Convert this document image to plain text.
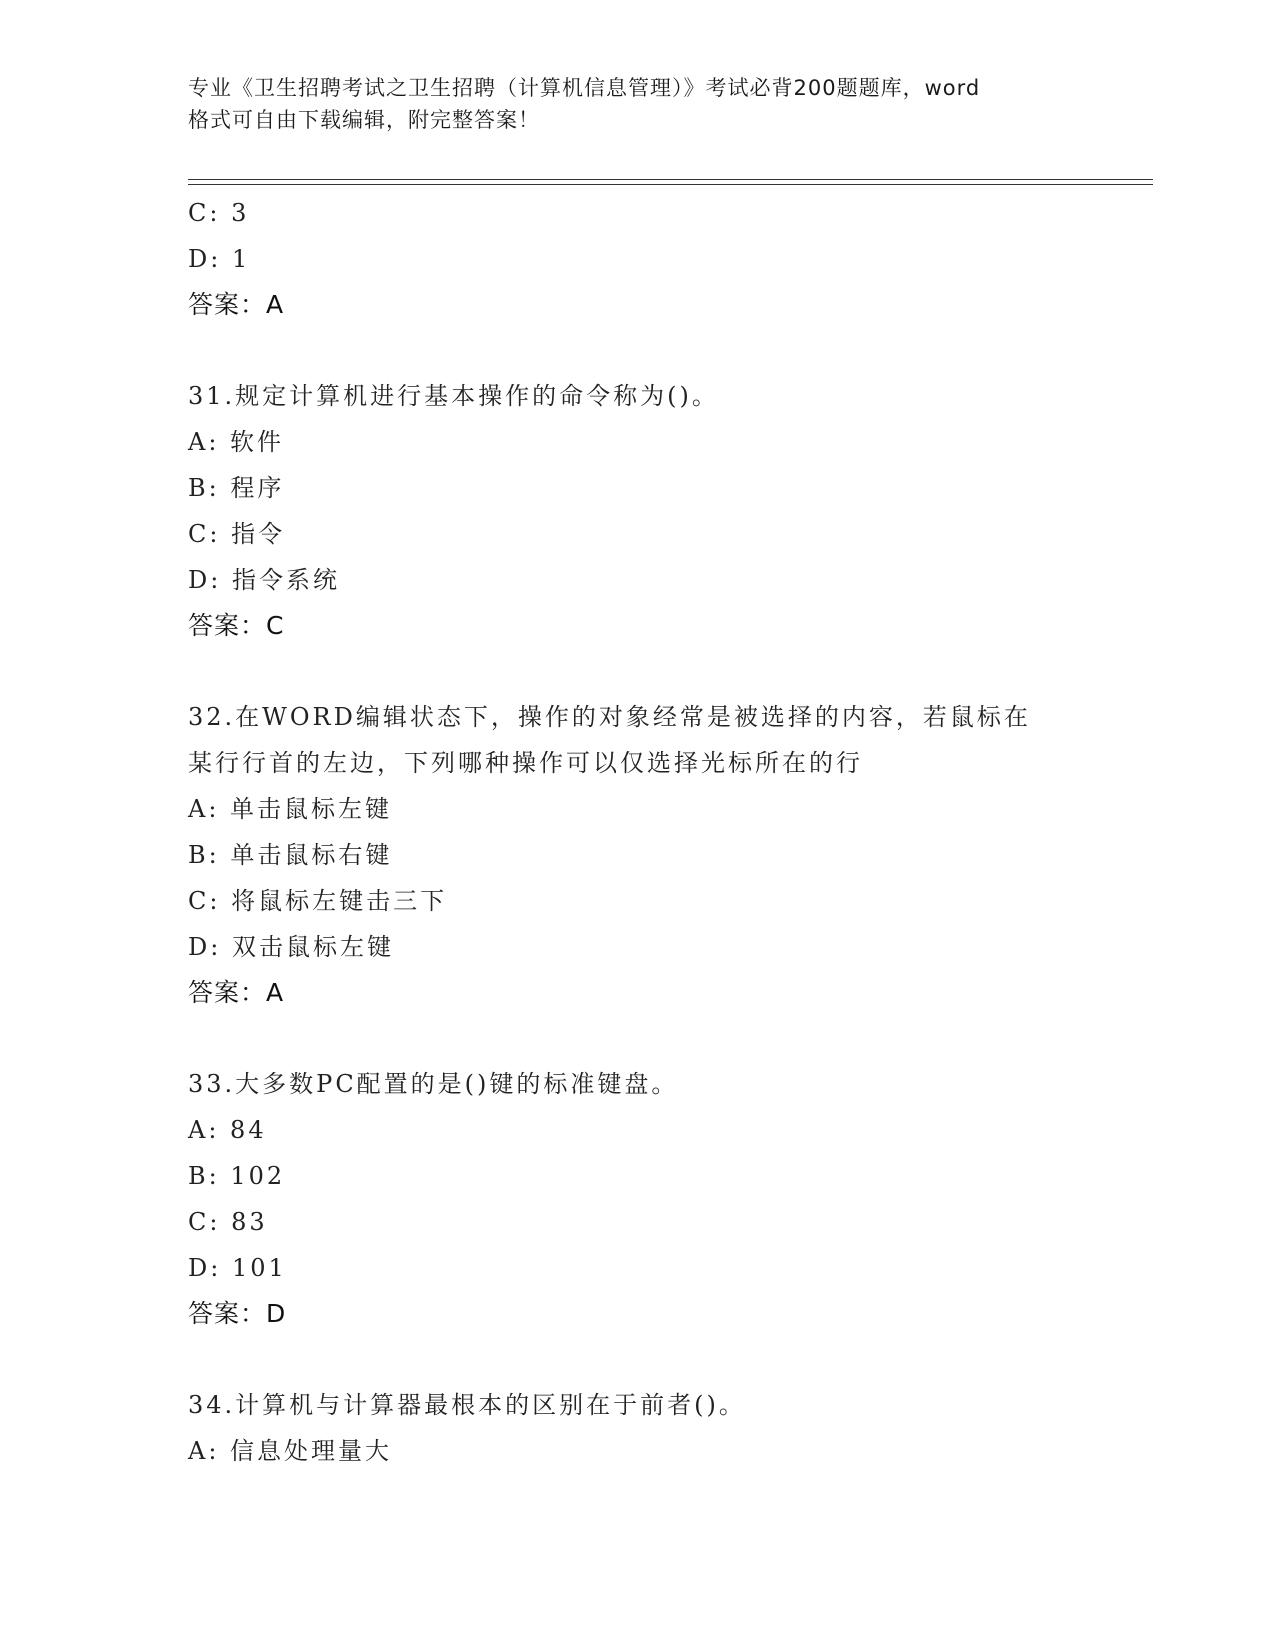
专业《卫生招聘考试之卫生招聘（计算机信息管理）》考试必背200题题库，word
格式可自由下载编辑，附完整答案！
C: 3
D: 1
答案：A
31.规定计算机进行基本操作的命令称为()。
A: 软件
B: 程序
C: 指令
D: 指令系统
答案：C
32.在WORD编辑状态下，操作的对象经常是被选择的内容，若鼠标在
某行行首的左边，下列哪种操作可以仅选择光标所在的行
A: 单击鼠标左键
B: 单击鼠标右键
C: 将鼠标左键击三下
D: 双击鼠标左键
答案：A
33.大多数PC配置的是()键的标准键盘。
A: 84
B: 102
C: 83
D: 101
答案：D
34.计算机与计算器最根本的区别在于前者()。
A: 信息处理量大
